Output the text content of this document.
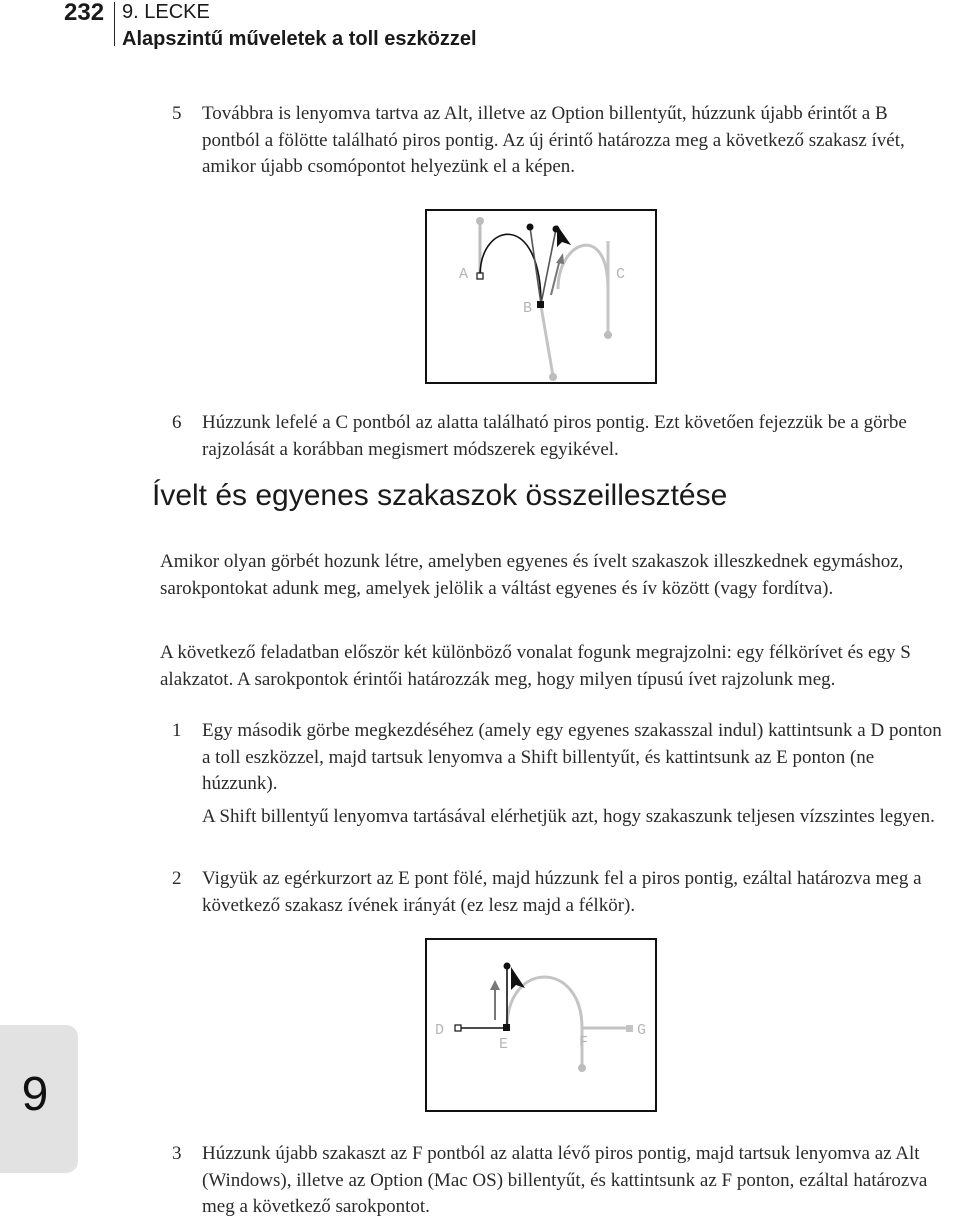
232 9. LECKE
Alapszintű műveletek a toll eszközzel
5 Továbbra is lenyomva tartva az Alt, illetve az Option billentyűt, húzzunk újabb érintőt a B pontból a fölötte található piros pontig. Az új érintő határozza meg a következő szakasz ívét, amikor újabb csomópontot helyezünk el a képen.
A
B
C
6 Húzzunk lefelé a C pontból az alatta található piros pontig. Ezt követően fejezzük be a görbe rajzolását a korábban megismert módszerek egyikével.
Ívelt és egyenes szakaszok összeillesztése
Amikor olyan görbét hozunk létre, amelyben egyenes és ívelt szakaszok illeszkednek egymáshoz, sarokpontokat adunk meg, amelyek jelölik a váltást egyenes és ív között (vagy fordítva).
A következő feladatban először két különböző vonalat fogunk megrajzolni: egy félkörívet és egy S alakzatot. A sarokpontok érintői határozzák meg, hogy milyen típusú ívet rajzolunk meg.
1 Egy második görbe megkezdéséhez (amely egy egyenes szakasszal indul) kattintsunk a D ponton a toll eszközzel, majd tartsuk lenyomva a Shift billentyűt, és kattintsunk az E ponton (ne húzzunk).
A Shift billentyű lenyomva tartásával elérhetjük azt, hogy szakaszunk teljesen vízszintes legyen.
2 Vigyük az egérkurzort az E pont fölé, majd húzzunk fel a piros pontig, ezáltal határozva meg a következő szakasz ívének irányát (ez lesz majd a félkör).
D
E	F
G
3 Húzzunk újabb szakaszt az F pontból az alatta lévő piros pontig, majd tartsuk lenyomva az Alt (Windows), illetve az Option (Mac OS) billentyűt, és kattintsunk az F ponton, ezáltal határozva meg a következő sarokpontot.
9
